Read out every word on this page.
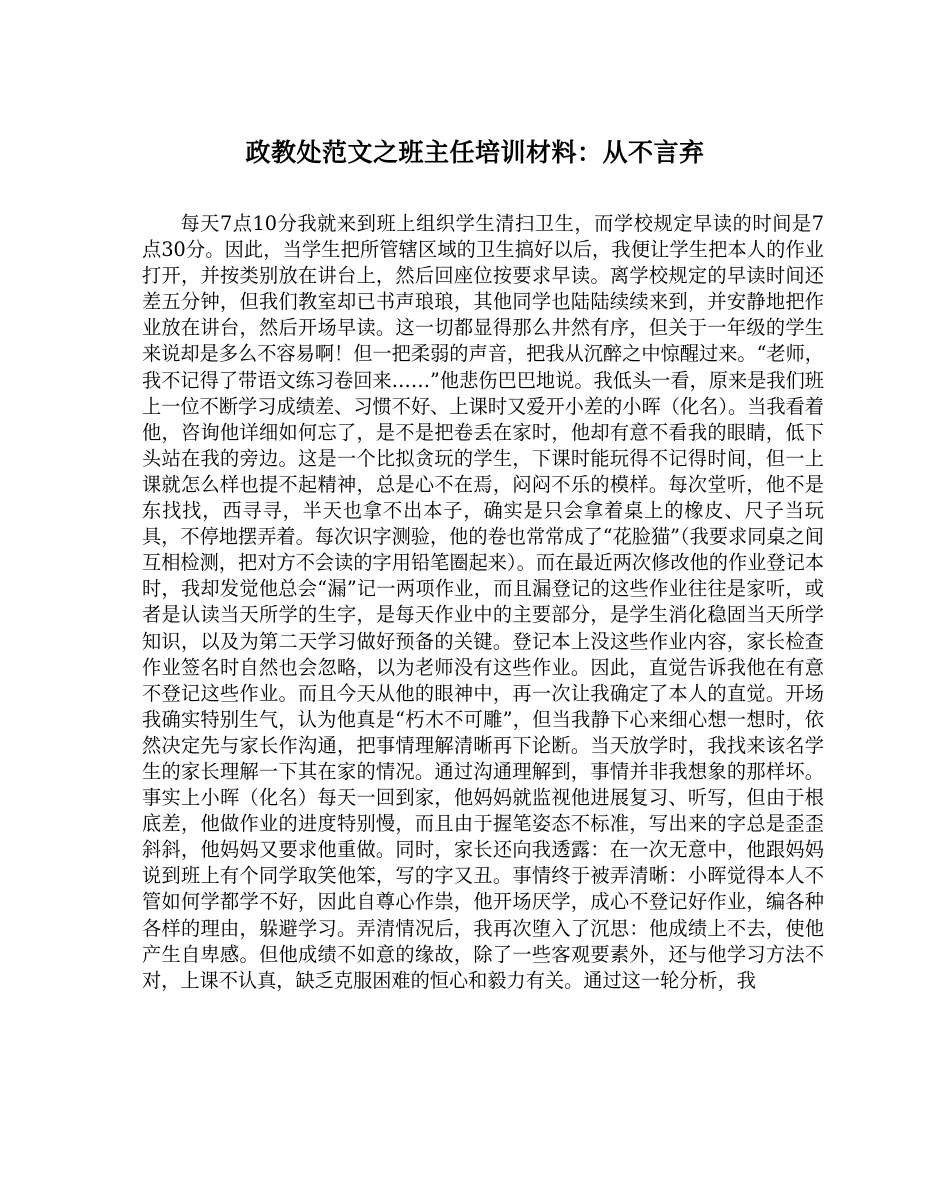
政教处范文之班主任培训材料：从不言弃

每天7点10分我就来到班上组织学生清扫卫生，而学校规定早读的时间是7点30分。因此，当学生把所管辖区域的卫生搞好以后，我便让学生把本人的作业打开，并按类别放在讲台上，然后回座位按要求早读。离学校规定的早读时间还差五分钟，但我们教室却已书声琅琅，其他同学也陆陆续续来到，并安静地把作业放在讲台，然后开场早读。这一切都显得那么井然有序，但关于一年级的学生来说却是多么不容易啊！但一把柔弱的声音，把我从沉醉之中惊醒过来。“老师，我不记得了带语文练习卷回来……”他悲伤巴巴地说。我低头一看，原来是我们班上一位不断学习成绩差、习惯不好、上课时又爱开小差的小晖（化名）。当我看着他，咨询他详细如何忘了，是不是把卷丢在家时，他却有意不看我的眼睛，低下头站在我的旁边。这是一个比拟贪玩的学生，下课时能玩得不记得时间，但一上课就怎么样也提不起精神，总是心不在焉，闷闷不乐的模样。每次堂听，他不是东找找，西寻寻，半天也拿不出本子，确实是只会拿着桌上的橡皮、尺子当玩具，不停地摆弄着。每次识字测验，他的卷也常常成了“花脸猫”（我要求同桌之间互相检测，把对方不会读的字用铅笔圈起来）。而在最近两次修改他的作业登记本时，我却发觉他总会“漏”记一两项作业，而且漏登记的这些作业往往是家听，或者是认读当天所学的生字，是每天作业中的主要部分，是学生消化稳固当天所学知识，以及为第二天学习做好预备的关键。登记本上没这些作业内容，家长检查作业签名时自然也会忽略，以为老师没有这些作业。因此，直觉告诉我他在有意不登记这些作业。而且今天从他的眼神中，再一次让我确定了本人的直觉。开场我确实特别生气，认为他真是“朽木不可雕”，但当我静下心来细心想一想时，依然决定先与家长作沟通，把事情理解清晰再下论断。当天放学时，我找来该名学生的家长理解一下其在家的情况。通过沟通理解到，事情并非我想象的那样坏。事实上小晖（化名）每天一回到家，他妈妈就监视他进展复习、听写，但由于根底差，他做作业的进度特别慢，而且由于握笔姿态不标准，写出来的字总是歪歪斜斜，他妈妈又要求他重做。同时，家长还向我透露：在一次无意中，他跟妈妈说到班上有个同学取笑他笨，写的字又丑。事情终于被弄清晰：小晖觉得本人不管如何学都学不好，因此自尊心作祟，他开场厌学，成心不登记好作业，编各种各样的理由，躲避学习。弄清情况后，我再次堕入了沉思：他成绩上不去，使他产生自卑感。但他成绩不如意的缘故，除了一些客观要素外，还与他学习方法不对，上课不认真，缺乏克服困难的恒心和毅力有关。通过这一轮分析，我
